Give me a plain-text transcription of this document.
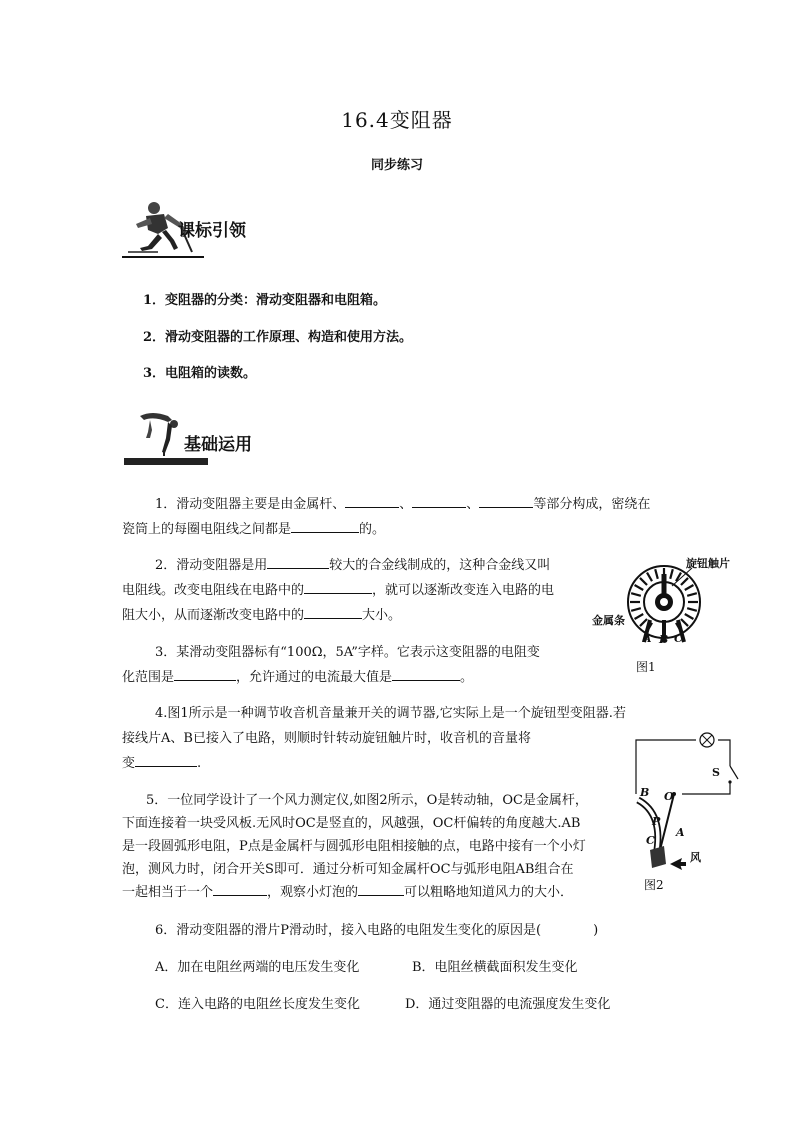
16.4变阻器
同步练习
课标引领
1．变阻器的分类：滑动变阻器和电阻箱。
2．滑动变阻器的工作原理、构造和使用方法。
3．电阻箱的读数。
基础运用
1．滑动变阻器主要是由金属杆、	、	、	等部分构成，密绕在
瓷筒上的每圈电阻线之间都是	的。
2．滑动变阻器是用	较大的合金线制成的，这种合金线又叫
电阻线。改变电阻线在电路中的	，就可以逐渐改变连入电路的电
阻大小，从而逐渐改变电路中的	大小。
旋钮触片
金属条
A B C
图1
3．某滑动变阻器标有“100Ω，5A”字样。它表示这变阻器的电阻变
化范围是	，允许通过的电流最大值是	。
4.图1所示是一种调节收音机音量兼开关的调节器,它实际上是一个旋钮型变阻器.若
接线片A、B已接入了电路，则顺时针转动旋钮触片时，收音机的音量将
变	.
S
B O
P
A
C
风
图2
5．一位同学设计了一个风力测定仪,如图2所示，O是转动轴，OC是金属杆，
下面连接着一块受风板.无风时OC是竖直的，风越强，OC杆偏转的角度越大.AB
是一段圆弧形电阻，P点是金属杆与圆弧形电阻相接触的点，电路中接有一个小灯
泡，测风力时，闭合开关S即可．通过分析可知金属杆OC与弧形电阻AB组合在
一起相当于一个	，观察小灯泡的	可以粗略地知道风力的大小．
6．滑动变阻器的滑片P滑动时，接入电路的电阻发生变化的原因是(　　　　)
A．加在电阻丝两端的电压发生变化	B．电阻丝横截面积发生变化
C．连入电路的电阻丝长度发生变化	D．通过变阻器的电流强度发生变化
